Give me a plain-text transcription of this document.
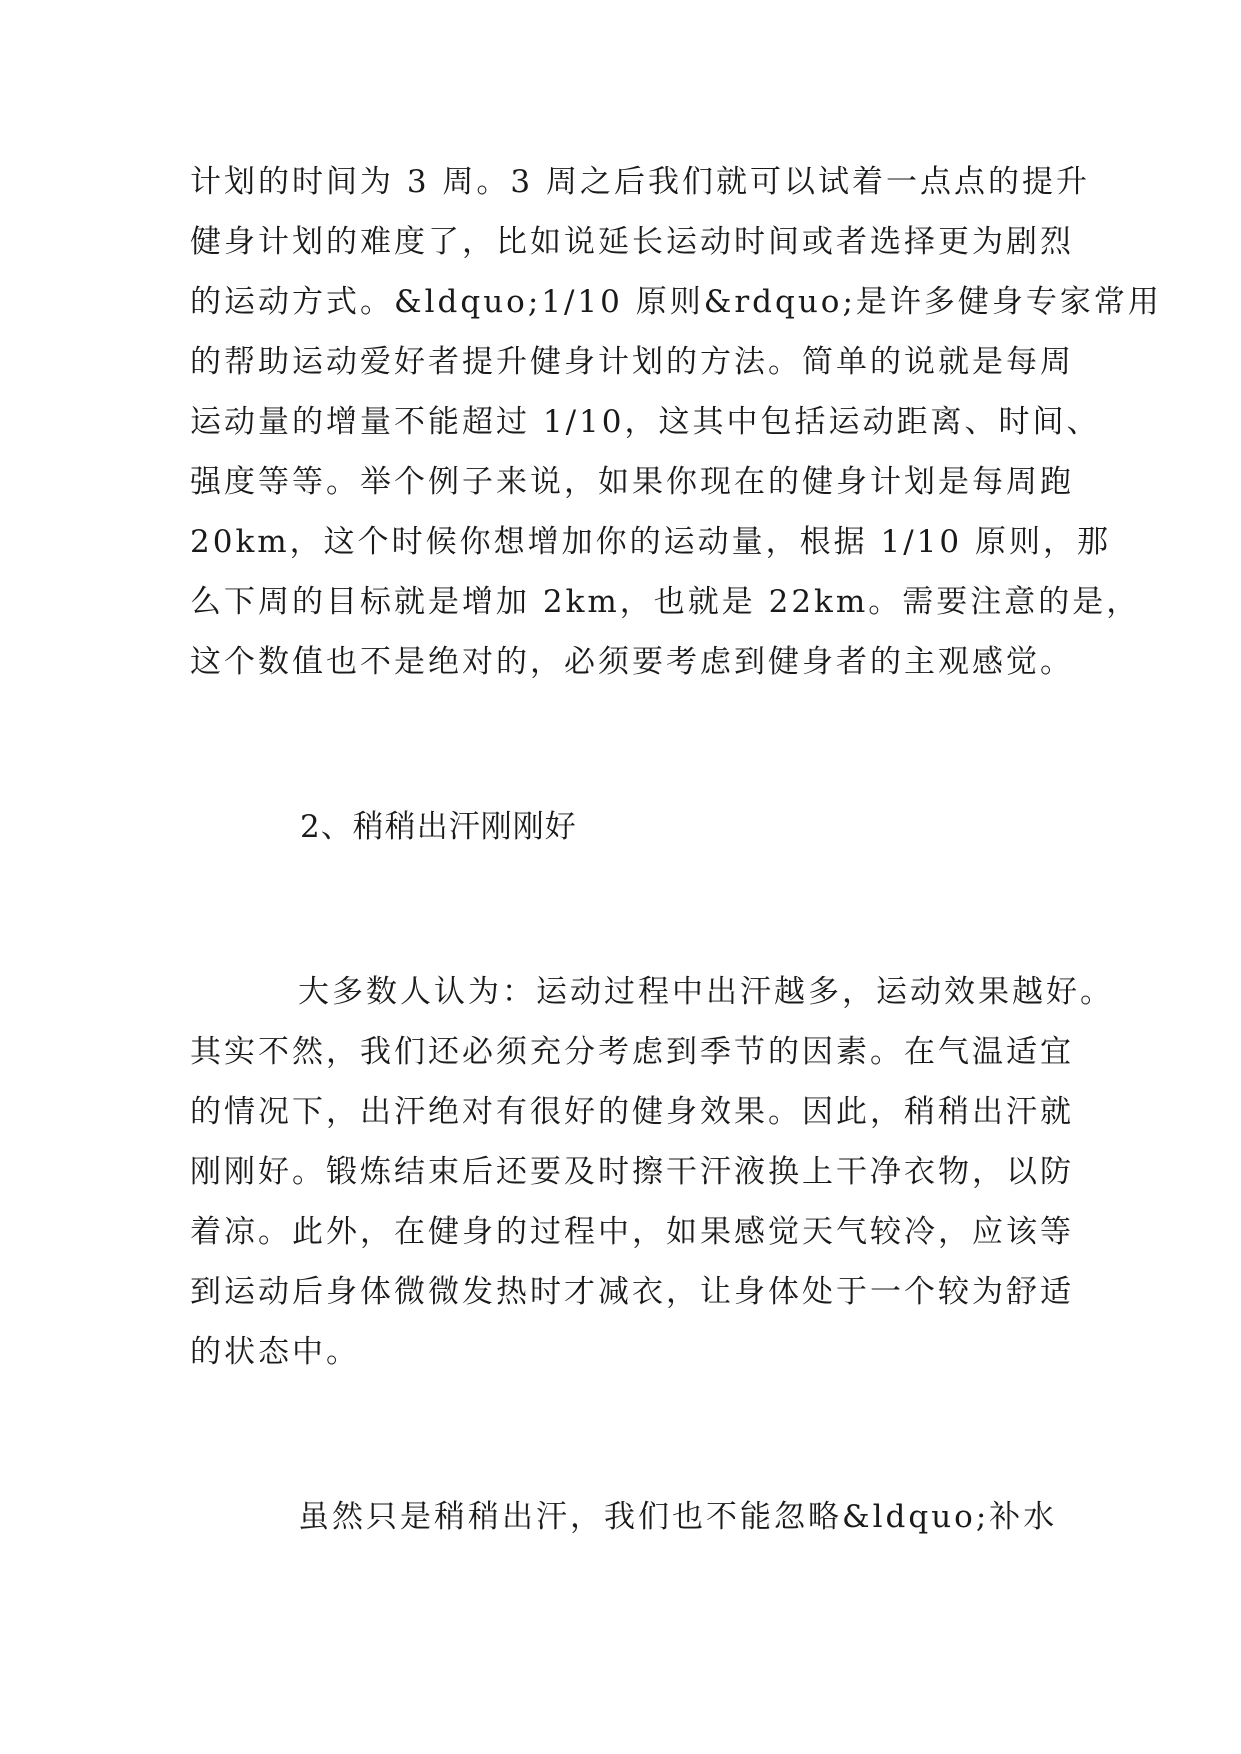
计划的时间为 3 周。3 周之后我们就可以试着一点点的提升
健身计划的难度了，比如说延长运动时间或者选择更为剧烈
的运动方式。&ldquo;1/10 原则&rdquo;是许多健身专家常用
的帮助运动爱好者提升健身计划的方法。简单的说就是每周
运动量的增量不能超过 1/10，这其中包括运动距离、时间、
强度等等。举个例子来说，如果你现在的健身计划是每周跑
20km，这个时候你想增加你的运动量，根据 1/10 原则，那
么下周的目标就是增加 2km，也就是 22km。需要注意的是，
这个数值也不是绝对的，必须要考虑到健身者的主观感觉。
2、稍稍出汗刚刚好
大多数人认为：运动过程中出汗越多，运动效果越好。
其实不然，我们还必须充分考虑到季节的因素。在气温适宜
的情况下，出汗绝对有很好的健身效果。因此，稍稍出汗就
刚刚好。锻炼结束后还要及时擦干汗液换上干净衣物，以防
着凉。此外，在健身的过程中，如果感觉天气较冷，应该等
到运动后身体微微发热时才减衣，让身体处于一个较为舒适
的状态中。
虽然只是稍稍出汗，我们也不能忽略&ldquo;补水
